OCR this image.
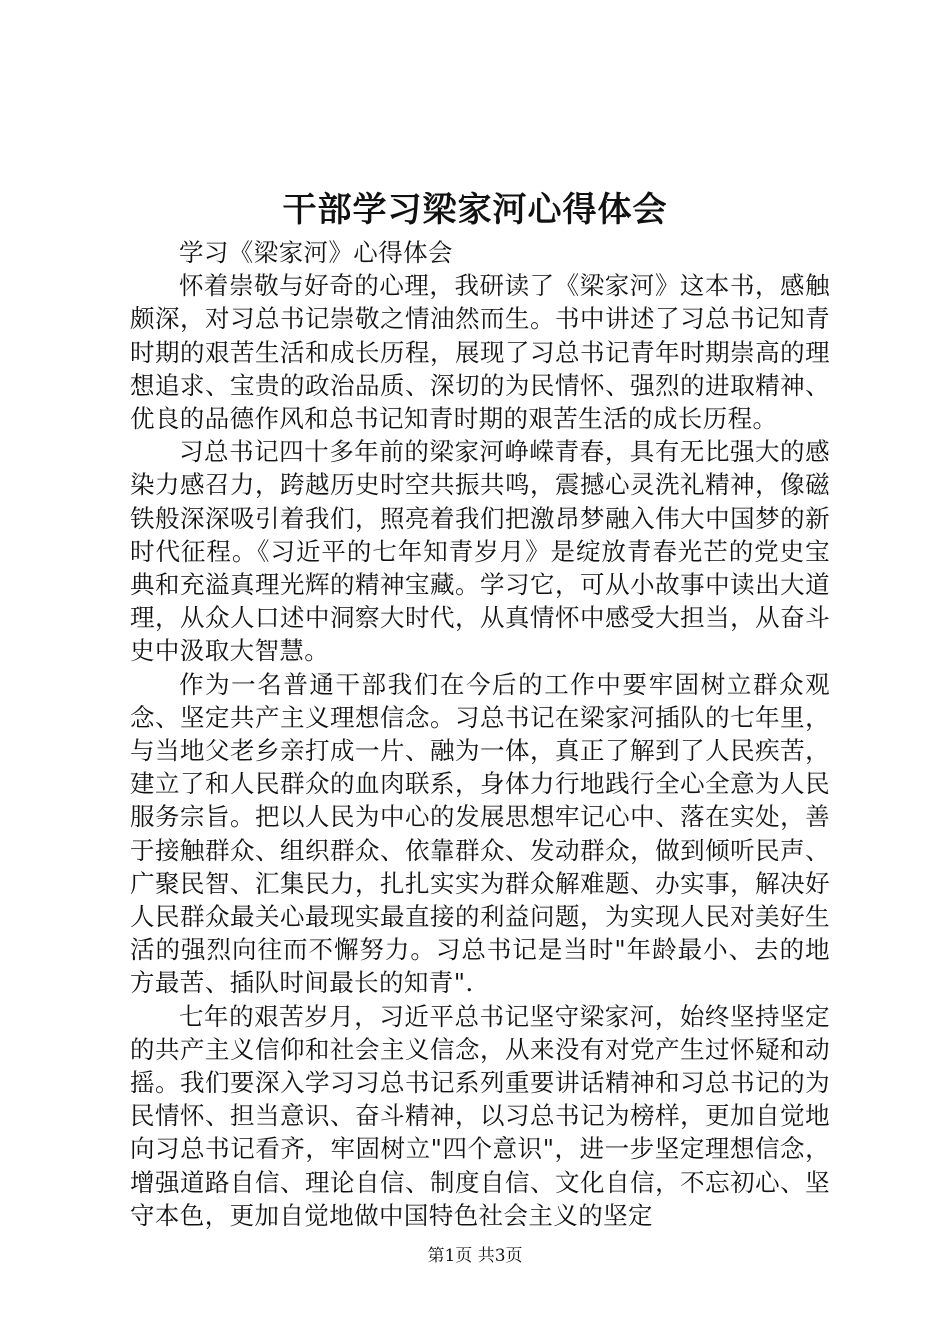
干部学习梁家河心得体会

学习《梁家河》心得体会

怀着崇敬与好奇的心理，我研读了《梁家河》这本书，感触颇深，对习总书记崇敬之情油然而生。书中讲述了习总书记知青时期的艰苦生活和成长历程，展现了习总书记青年时期崇高的理想追求、宝贵的政治品质、深切的为民情怀、强烈的进取精神、优良的品德作风和总书记知青时期的艰苦生活的成长历程。

习总书记四十多年前的梁家河峥嵘青春，具有无比强大的感染力感召力，跨越历史时空共振共鸣，震撼心灵洗礼精神，像磁铁般深深吸引着我们，照亮着我们把激昂梦融入伟大中国梦的新时代征程。《习近平的七年知青岁月》是绽放青春光芒的党史宝典和充溢真理光辉的精神宝藏。学习它，可从小故事中读出大道理，从众人口述中洞察大时代，从真情怀中感受大担当，从奋斗史中汲取大智慧。

作为一名普通干部我们在今后的工作中要牢固树立群众观念、坚定共产主义理想信念。习总书记在梁家河插队的七年里，与当地父老乡亲打成一片、融为一体，真正了解到了人民疾苦，建立了和人民群众的血肉联系，身体力行地践行全心全意为人民服务宗旨。把以人民为中心的发展思想牢记心中、落在实处，善于接触群众、组织群众、依靠群众、发动群众，做到倾听民声、广聚民智、汇集民力，扎扎实实为群众解难题、办实事，解决好人民群众最关心最现实最直接的利益问题，为实现人民对美好生活的强烈向往而不懈努力。习总书记是当时"年龄最小、去的地方最苦、插队时间最长的知青".

七年的艰苦岁月，习近平总书记坚守梁家河，始终坚持坚定的共产主义信仰和社会主义信念，从来没有对党产生过怀疑和动摇。我们要深入学习习总书记系列重要讲话精神和习总书记的为民情怀、担当意识、奋斗精神，以习总书记为榜样，更加自觉地向习总书记看齐，牢固树立"四个意识"，进一步坚定理想信念，增强道路自信、理论自信、制度自信、文化自信，不忘初心、坚守本色，更加自觉地做中国特色社会主义的坚定

第1页 共3页
